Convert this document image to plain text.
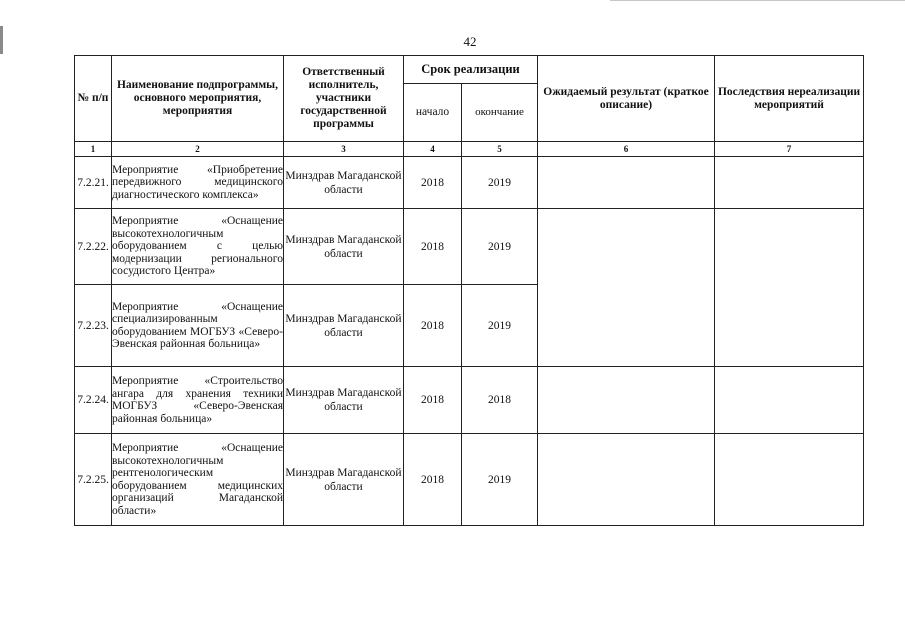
42
№ п/п	Наименование подпрограммы, основного мероприятия, мероприятия	Ответственный исполнитель, участники государственной программы	Срок реализации		Ожидаемый результат (краткое описание)	Последствия нереализации мероприятий
			начало	окончание		
1	2	3	4	5	6	7
7.2.21.	Мероприятие «Приобретение передвижного медицинского диагностического комплекса»	Минздрав Магаданской области	2018	2019		
7.2.22.	Мероприятие «Оснащение высокотехнологичным оборудованием с целью модернизации регионального сосудистого Центра»	Минздрав Магаданской области	2018	2019		
7.2.23.	Мероприятие «Оснащение специализированным оборудованием МОГБУЗ «Северо-Эвенская районная больница»	Минздрав Магаданской области	2018	2019		
7.2.24.	Мероприятие «Строительство ангара для хранения техники МОГБУЗ «Северо-Эвенская районная больница»	Минздрав Магаданской области	2018	2018		
7.2.25.	Мероприятие «Оснащение высокотехнологичным рентгенологическим оборудованием медицинских организаций Магаданской области»	Минздрав Магаданской области	2018	2019		
